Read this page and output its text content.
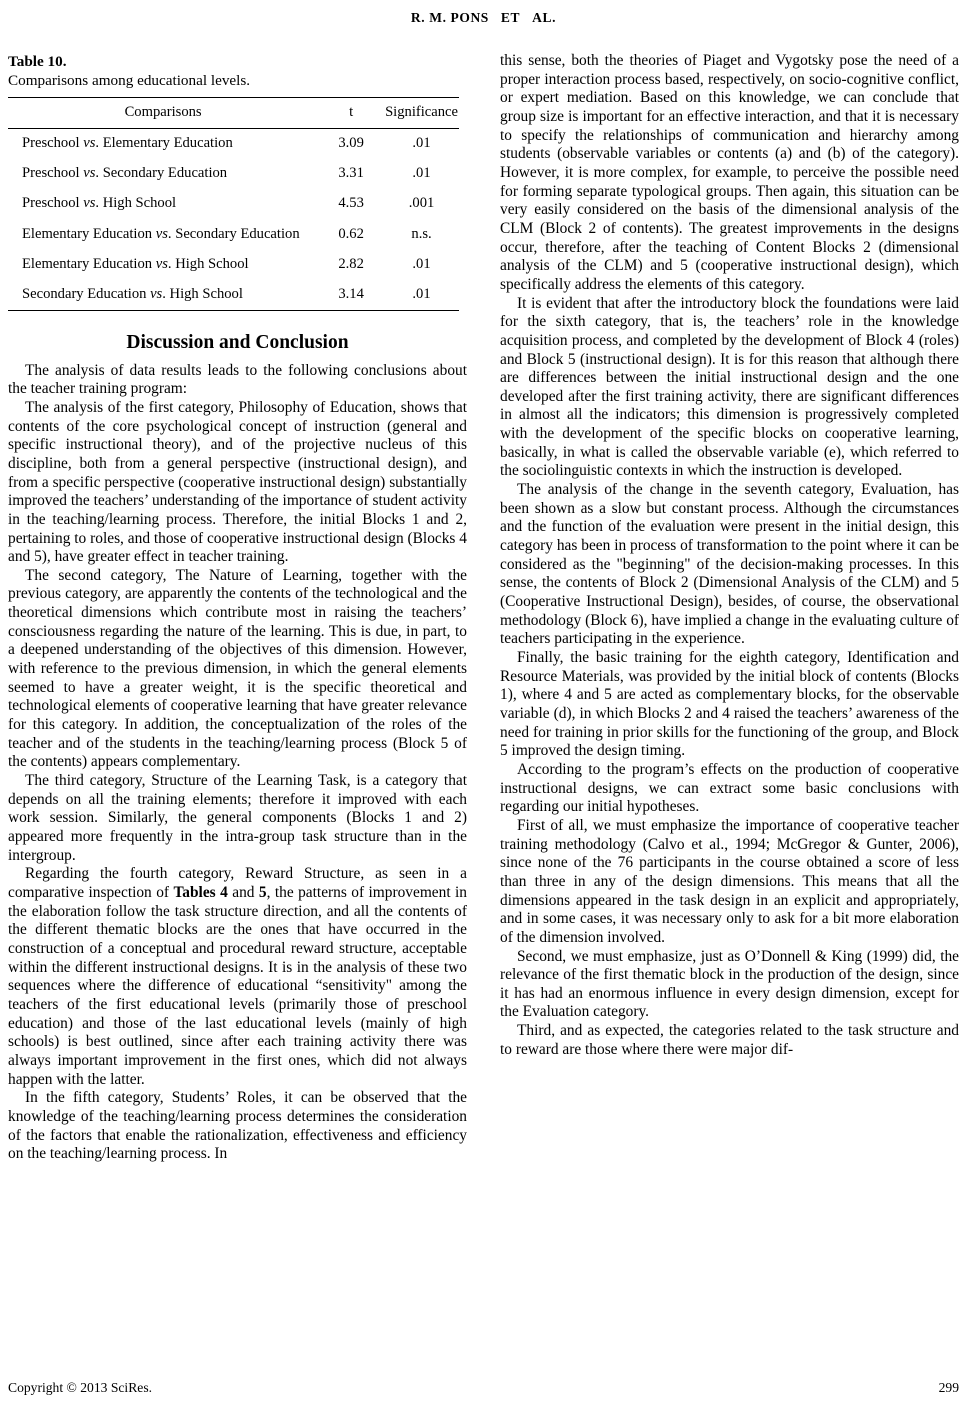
R. M. PONS ET AL.
Table 10.
Comparisons among educational levels.
Comparisons	t	Significance
Preschool vs. Elementary Education	3.09	.01
Preschool vs. Secondary Education	3.31	.01
Preschool vs. High School	4.53	.001
Elementary Education vs. Secondary Education	0.62	n.s.
Elementary Education vs. High School	2.82	.01
Secondary Education vs. High School	3.14	.01
Discussion and Conclusion

The analysis of data results leads to the following conclusions about the teacher training program:

The analysis of the first category, Philosophy of Education, shows that contents of the core psychological concept of instruction (general and specific instructional theory), and of the projective nucleus of this discipline, both from a general perspective (instructional design), and from a specific perspective (cooperative instructional design) substantially improved the teachers’ understanding of the importance of student activity in the teaching/learning process. Therefore, the initial Blocks 1 and 2, pertaining to roles, and those of cooperative instructional design (Blocks 4 and 5), have greater effect in teacher training.

The second category, The Nature of Learning, together with the previous category, are apparently the contents of the technological and the theoretical dimensions which contribute most in raising the teachers’ consciousness regarding the nature of the learning. This is due, in part, to a deepened understanding of the objectives of this dimension. However, with reference to the previous dimension, in which the general elements seemed to have a greater weight, it is the specific theoretical and technological elements of cooperative learning that have greater relevance for this category. In addition, the conceptualization of the roles of the teacher and of the students in the teaching/learning process (Block 5 of the contents) appears complementary.

The third category, Structure of the Learning Task, is a category that depends on all the training elements; therefore it improved with each work session. Similarly, the general components (Blocks 1 and 2) appeared more frequently in the intra-group task structure than in the intergroup.

Regarding the fourth category, Reward Structure, as seen in a comparative inspection of Tables 4 and 5, the patterns of improvement in the elaboration follow the task structure direction, and all the contents of the different thematic blocks are the ones that have occurred in the construction of a conceptual and procedural reward structure, acceptable within the different instructional designs. It is in the analysis of these two sequences where the difference of educational “sensitivity" among the teachers of the first educational levels (primarily those of preschool education) and those of the last educational levels (mainly of high schools) is best outlined, since after each training activity there was always important improvement in the first ones, which did not always happen with the latter.

In the fifth category, Students’ Roles, it can be observed that the knowledge of the teaching/learning process determines the consideration of the factors that enable the rationalization, effectiveness and efficiency on the teaching/learning process. In

this sense, both the theories of Piaget and Vygotsky pose the need of a proper interaction process based, respectively, on socio-cognitive conflict, or expert mediation. Based on this knowledge, we can conclude that group size is important for an effective interaction, and that it is necessary to specify the relationships of communication and hierarchy among students (observable variables or contents (a) and (b) of the category). However, it is more complex, for example, to perceive the possible need for forming separate typological groups. Then again, this situation can be very easily considered on the basis of the dimensional analysis of the CLM (Block 2 of contents). The greatest improvements in the designs occur, therefore, after the teaching of Content Blocks 2 (dimensional analysis of the CLM) and 5 (cooperative instructional design), which specifically address the elements of this category.

It is evident that after the introductory block the foundations were laid for the sixth category, that is, the teachers’ role in the knowledge acquisition process, and completed by the development of Block 4 (roles) and Block 5 (instructional design). It is for this reason that although there are differences between the initial instructional design and the one developed after the first training activity, there are significant differences in almost all the indicators; this dimension is progressively completed with the development of the specific blocks on cooperative learning, basically, in what is called the observable variable (e), which referred to the sociolinguistic contexts in which the instruction is developed.

The analysis of the change in the seventh category, Evaluation, has been shown as a slow but constant process. Although the circumstances and the function of the evaluation were present in the initial design, this category has been in process of transformation to the point where it can be considered as the "beginning" of the decision-making processes. In this sense, the contents of Block 2 (Dimensional Analysis of the CLM) and 5 (Cooperative Instructional Design), besides, of course, the observational methodology (Block 6), have implied a change in the evaluating culture of teachers participating in the experience.

Finally, the basic training for the eighth category, Identification and Resource Materials, was provided by the initial block of contents (Blocks 1), where 4 and 5 are acted as complementary blocks, for the observable variable (d), in which Blocks 2 and 4 raised the teachers’ awareness of the need for training in prior skills for the functioning of the group, and Block 5 improved the design timing.

According to the program’s effects on the production of cooperative instructional designs, we can extract some basic conclusions with regarding our initial hypotheses.

First of all, we must emphasize the importance of cooperative teacher training methodology (Calvo et al., 1994; McGregor & Gunter, 2006), since none of the 76 participants in the course obtained a score of less than three in any of the design dimensions. This means that all the dimensions appeared in the task design in an explicit and appropriately, and in some cases, it was necessary only to ask for a bit more elaboration of the dimension involved.

Second, we must emphasize, just as O’Donnell & King (1999) did, the relevance of the first thematic block in the production of the design, since it has had an enormous influence in every design dimension, except for the Evaluation category.

Third, and as expected, the categories related to the task structure and to reward are those where there were major dif-

Copyright © 2013 SciRes.	299
